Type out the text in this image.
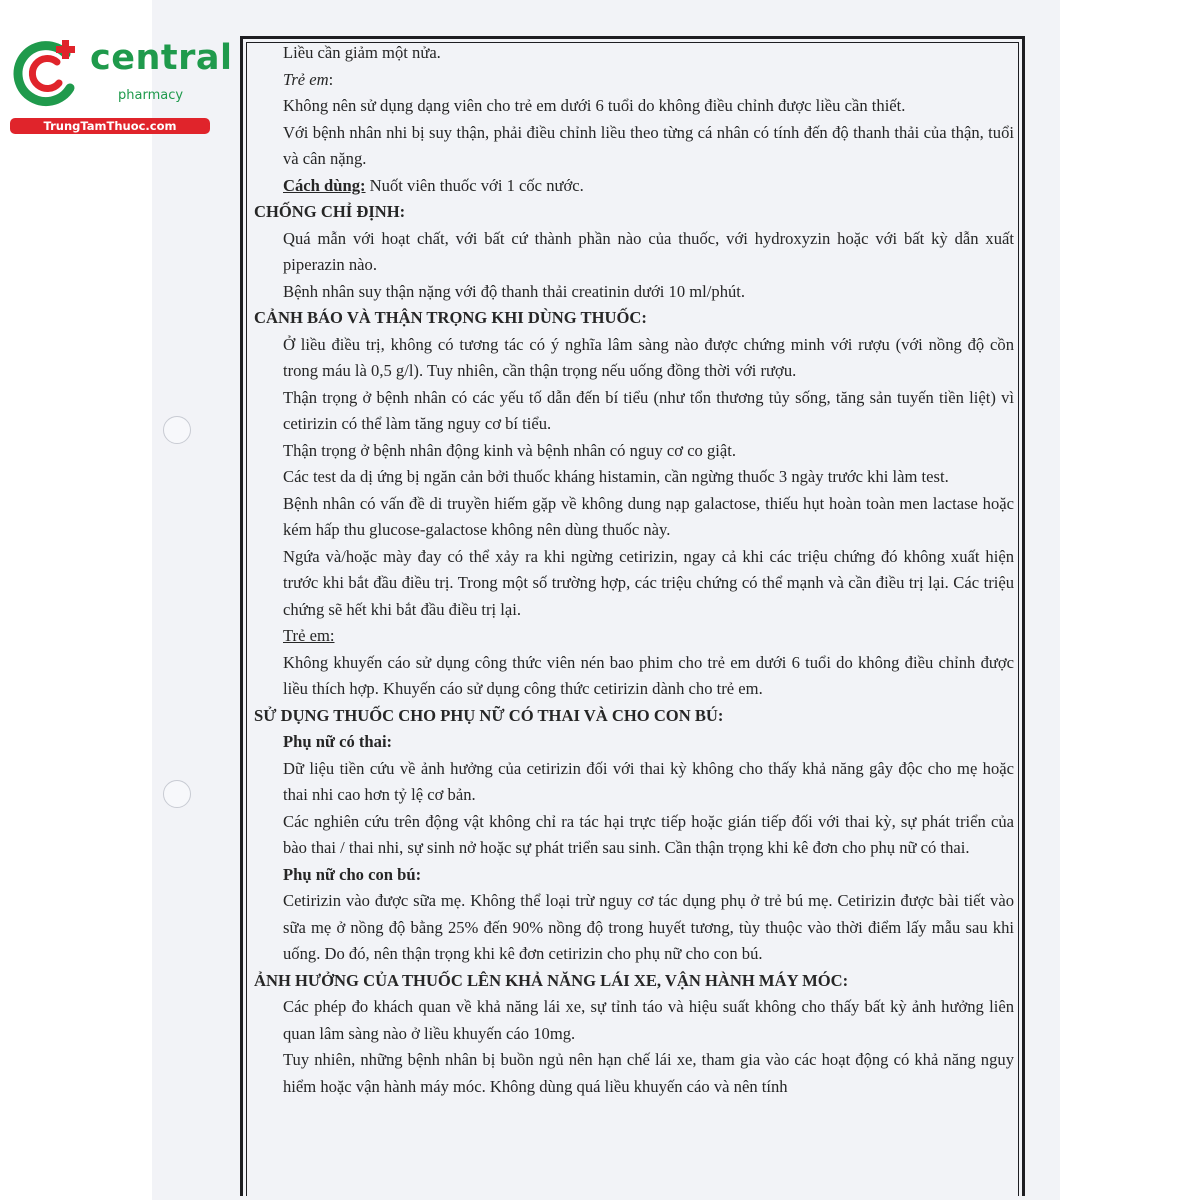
central
pharmacy
TrungTamThuoc.com

Liều cần giảm một nửa.

Trẻ em:

Không nên sử dụng dạng viên cho trẻ em dưới 6 tuổi do không điều chỉnh được liều cần thiết.

Với bệnh nhân nhi bị suy thận, phải điều chỉnh liều theo từng cá nhân có tính đến độ thanh thải của thận, tuổi và cân nặng.

Cách dùng: Nuốt viên thuốc với 1 cốc nước.

CHỐNG CHỈ ĐỊNH:

Quá mẫn với hoạt chất, với bất cứ thành phần nào của thuốc, với hydroxyzin hoặc với bất kỳ dẫn xuất piperazin nào.

Bệnh nhân suy thận nặng với độ thanh thải creatinin dưới 10 ml/phút.

CẢNH BÁO VÀ THẬN TRỌNG KHI DÙNG THUỐC:

Ở liều điều trị, không có tương tác có ý nghĩa lâm sàng nào được chứng minh với rượu (với nồng độ cồn trong máu là 0,5 g/l). Tuy nhiên, cần thận trọng nếu uống đồng thời với rượu.

Thận trọng ở bệnh nhân có các yếu tố dẫn đến bí tiểu (như tổn thương tủy sống, tăng sản tuyến tiền liệt) vì cetirizin có thể làm tăng nguy cơ bí tiểu.

Thận trọng ở bệnh nhân động kinh và bệnh nhân có nguy cơ co giật.

Các test da dị ứng bị ngăn cản bởi thuốc kháng histamin, cần ngừng thuốc 3 ngày trước khi làm test.

Bệnh nhân có vấn đề di truyền hiếm gặp về không dung nạp galactose, thiếu hụt hoàn toàn men lactase hoặc kém hấp thu glucose-galactose không nên dùng thuốc này.

Ngứa và/hoặc mày đay có thể xảy ra khi ngừng cetirizin, ngay cả khi các triệu chứng đó không xuất hiện trước khi bắt đầu điều trị. Trong một số trường hợp, các triệu chứng có thể mạnh và cần điều trị lại. Các triệu chứng sẽ hết khi bắt đầu điều trị lại.

Trẻ em:

Không khuyến cáo sử dụng công thức viên nén bao phim cho trẻ em dưới 6 tuổi do không điều chỉnh được liều thích hợp. Khuyến cáo sử dụng công thức cetirizin dành cho trẻ em.

SỬ DỤNG THUỐC CHO PHỤ NỮ CÓ THAI VÀ CHO CON BÚ:

Phụ nữ có thai:

Dữ liệu tiền cứu về ảnh hưởng của cetirizin đối với thai kỳ không cho thấy khả năng gây độc cho mẹ hoặc thai nhi cao hơn tỷ lệ cơ bản.

Các nghiên cứu trên động vật không chỉ ra tác hại trực tiếp hoặc gián tiếp đối với thai kỳ, sự phát triển của bào thai / thai nhi, sự sinh nở hoặc sự phát triển sau sinh. Cần thận trọng khi kê đơn cho phụ nữ có thai.

Phụ nữ cho con bú:

Cetirizin vào được sữa mẹ. Không thể loại trừ nguy cơ tác dụng phụ ở trẻ bú mẹ. Cetirizin được bài tiết vào sữa mẹ ở nồng độ bằng 25% đến 90% nồng độ trong huyết tương, tùy thuộc vào thời điểm lấy mẫu sau khi uống. Do đó, nên thận trọng khi kê đơn cetirizin cho phụ nữ cho con bú.

ẢNH HƯỞNG CỦA THUỐC LÊN KHẢ NĂNG LÁI XE, VẬN HÀNH MÁY MÓC:

Các phép đo khách quan về khả năng lái xe, sự tỉnh táo và hiệu suất không cho thấy bất kỳ ảnh hưởng liên quan lâm sàng nào ở liều khuyến cáo 10mg.

Tuy nhiên, những bệnh nhân bị buồn ngủ nên hạn chế lái xe, tham gia vào các hoạt động có khả năng nguy hiểm hoặc vận hành máy móc. Không dùng quá liều khuyến cáo và nên tính
